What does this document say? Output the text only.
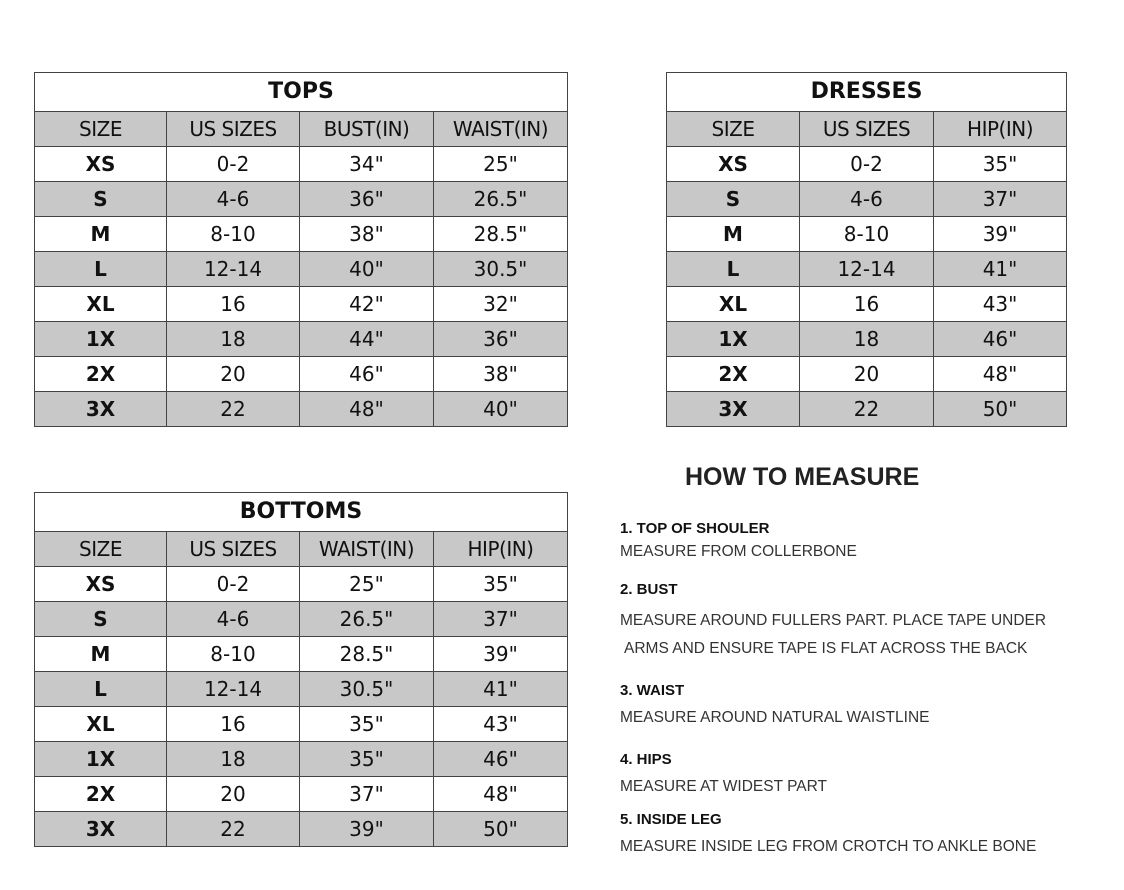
TOPS			
SIZE	US SIZES	BUST(IN)	WAIST(IN)
XS	0-2	34"	25"
S	4-6	36"	26.5"
M	8-10	38"	28.5"
L	12-14	40"	30.5"
XL	16	42"	32"
1X	18	44"	36"
2X	20	46"	38"
3X	22	48"	40"
DRESSES		
SIZE	US SIZES	HIP(IN)
XS	0-2	35"
S	4-6	37"
M	8-10	39"
L	12-14	41"
XL	16	43"
1X	18	46"
2X	20	48"
3X	22	50"
BOTTOMS			
SIZE	US SIZES	WAIST(IN)	HIP(IN)
XS	0-2	25"	35"
S	4-6	26.5"	37"
M	8-10	28.5"	39"
L	12-14	30.5"	41"
XL	16	35"	43"
1X	18	35"	46"
2X	20	37"	48"
3X	22	39"	50"
HOW TO MEASURE
1. TOP OF SHOULER
MEASURE FROM COLLERBONE
2. BUST
MEASURE AROUND FULLERS PART. PLACE TAPE UNDER
ARMS AND ENSURE TAPE IS FLAT ACROSS THE BACK
3. WAIST
MEASURE AROUND NATURAL WAISTLINE
4. HIPS
MEASURE AT WIDEST PART
5. INSIDE LEG
MEASURE INSIDE LEG FROM CROTCH TO ANKLE BONE
